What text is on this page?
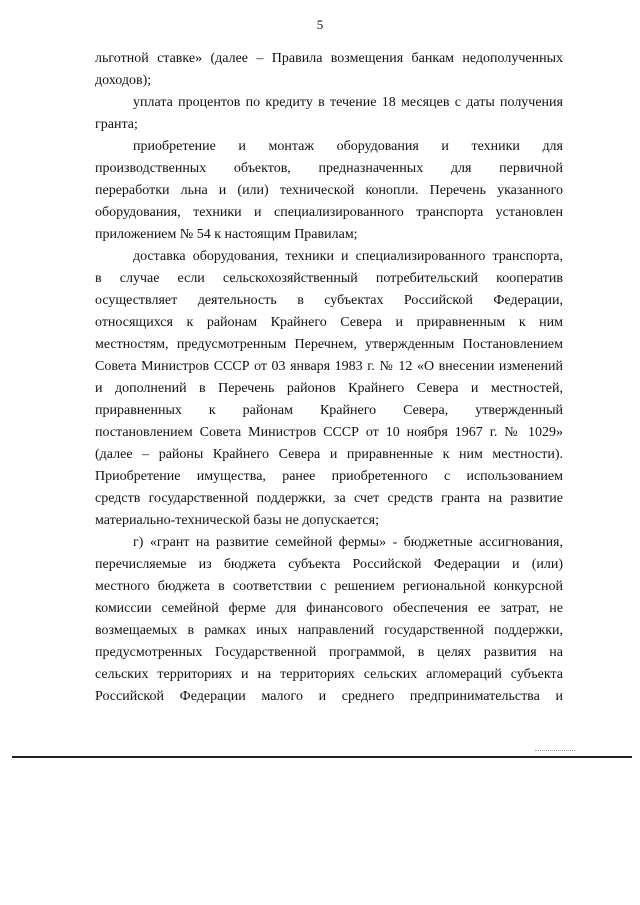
5

льготной ставке» (далее – Правила возмещения банкам недополученных
доходов);

уплата процентов по кредиту в течение 18 месяцев с даты получения
гранта;

приобретение и монтаж оборудования и техники для
производственных объектов, предназначенных для первичной
переработки льна и (или) технической конопли. Перечень указанного
оборудования, техники и специализированного транспорта установлен
приложением № 54 к настоящим Правилам;

доставка оборудования, техники и специализированного транспорта,
в случае если сельскохозяйственный потребительский кооператив
осуществляет деятельность в субъектах Российской Федерации,
относящихся к районам Крайнего Севера и приравненным к ним
местностям, предусмотренным Перечнем, утвержденным Постановлением
Совета Министров СССР от 03 января 1983 г. № 12 «О внесении изменений
и дополнений в Перечень районов Крайнего Севера и местностей,
приравненных к районам Крайнего Севера, утвержденный
постановлением Совета Министров СССР от 10 ноября 1967 г. № 1029»
(далее – районы Крайнего Севера и приравненные к ним местности).
Приобретение имущества, ранее приобретенного с использованием
средств государственной поддержки, за счет средств гранта на развитие
материально-технической базы не допускается;

г) «грант на развитие семейной фермы» - бюджетные ассигнования,
перечисляемые из бюджета субъекта Российской Федерации и (или)
местного бюджета в соответствии с решением региональной конкурсной
комиссии семейной ферме для финансового обеспечения ее затрат, не
возмещаемых в рамках иных направлений государственной поддержки,
предусмотренных Государственной программой, в целях развития на
сельских территориях и на территориях сельских агломераций субъекта
Российской Федерации малого и среднего предпринимательства и
